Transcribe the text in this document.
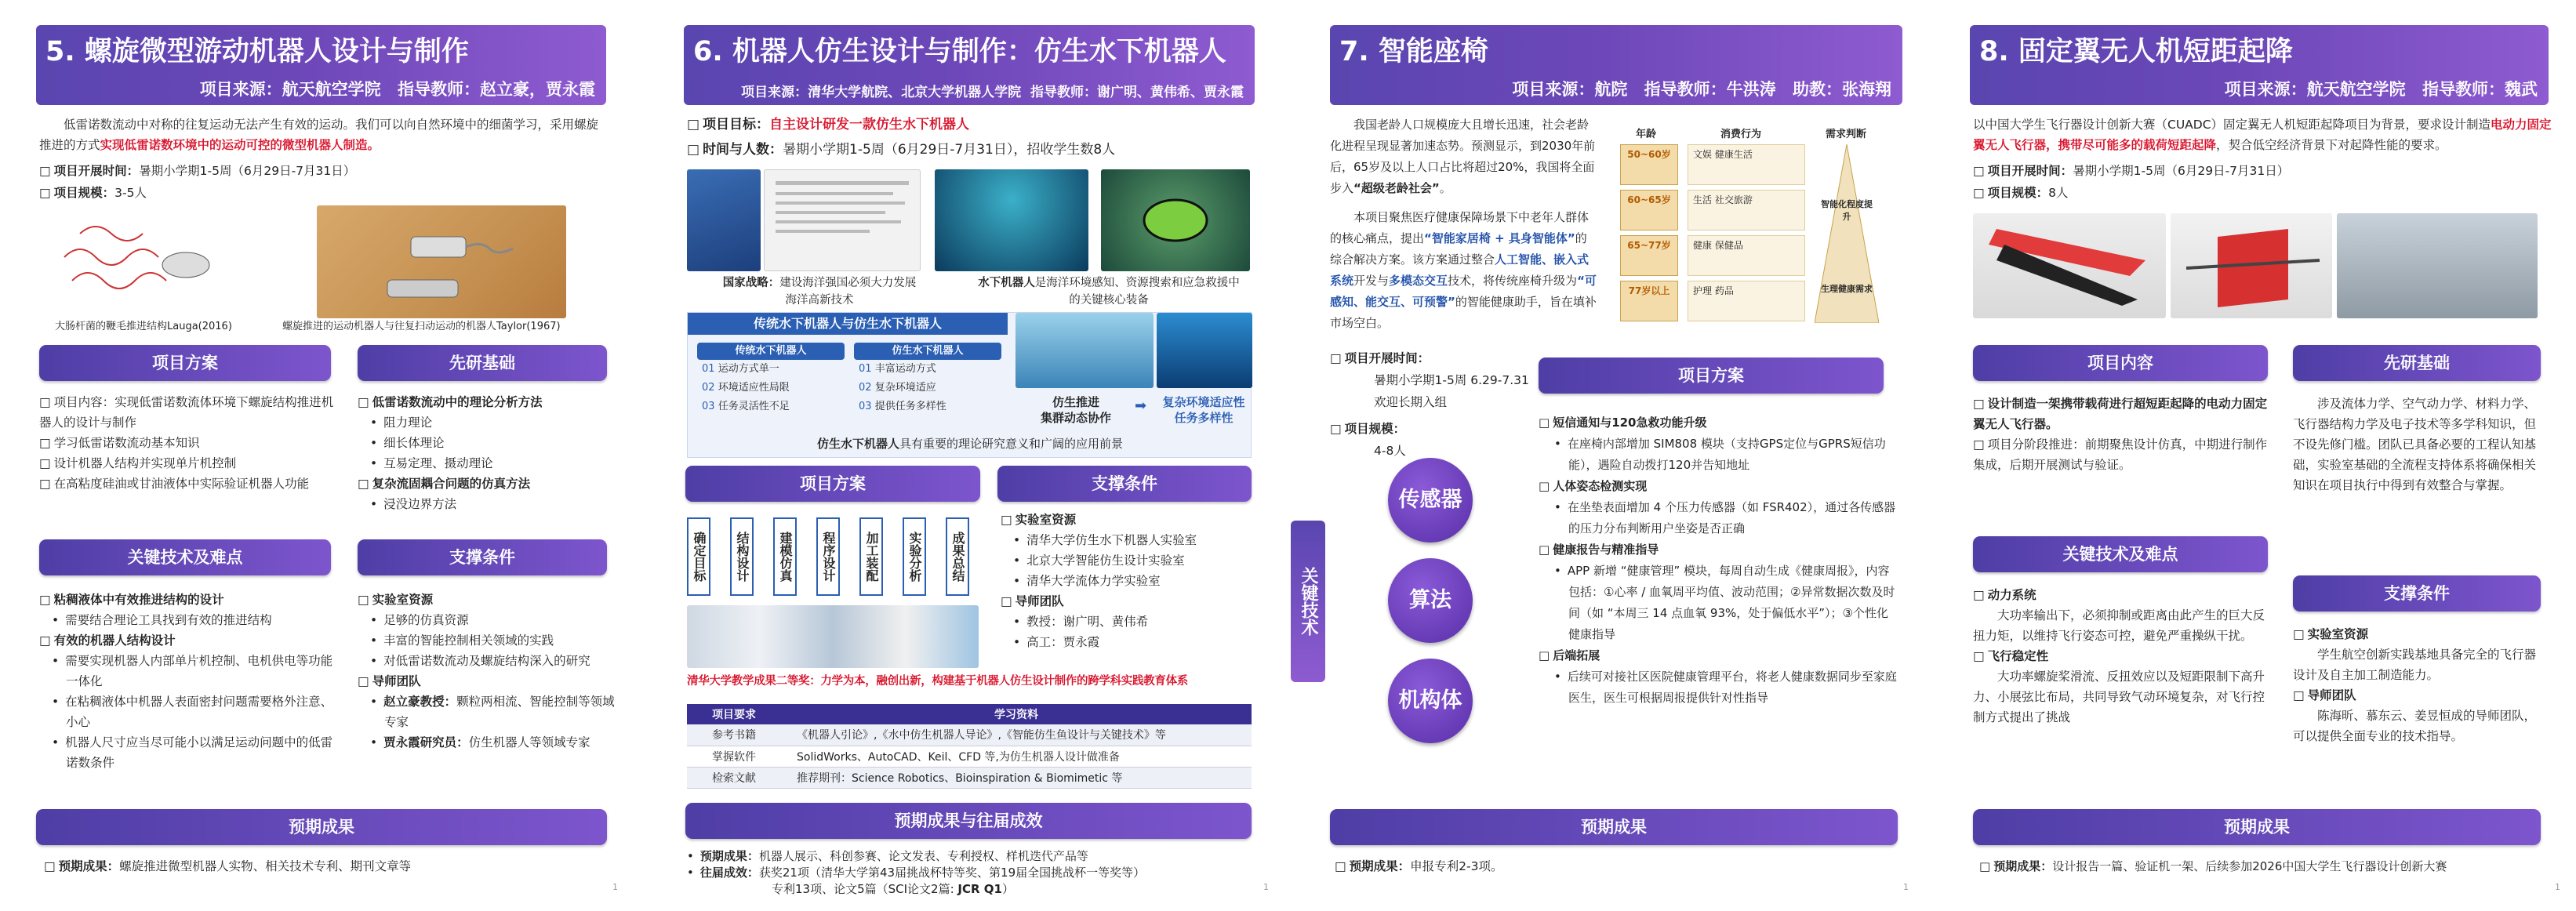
5. 螺旋微型游动机器人设计与制作
项目来源：航天航空学院 指导教师：赵立豪，贾永霞
低雷诺数流动中对称的往复运动无法产生有效的运动。我们可以向自然环境中的细菌学习，采用螺旋推进的方式实现低雷诺数环境中的运动可控的微型机器人制造。
□ 项目开展时间：暑期小学期1-5周（6月29日-7月31日）
□ 项目规模：3-5人
大肠杆菌的鞭毛推进结构Lauga(2016)	螺旋推进的运动机器人与往复扫动运动的机器人Taylor(1967)
项目方案	先研基础
□ 项目内容：实现低雷诺数流体环境下螺旋结构推进机器人的设计与制作
□ 学习低雷诺数流动基本知识
□ 设计机器人结构并实现单片机控制
□ 在高粘度硅油或甘油液体中实际验证机器人功能

□ 低雷诺数流动中的理论分析方法

• 阻力理论
• 细长体理论
• 互易定理、摄动理论

□ 复杂流固耦合问题的仿真方法

• 浸没边界方法
关键技术及难点	支撑条件

□ 粘稠液体中有效推进结构的设计

• 需要结合理论工具找到有效的推进结构

□ 有效的机器人结构设计

• 需要实现机器人内部单片机控制、电机供电等功能一体化
• 在粘稠液体中机器人表面密封问题需要格外注意、小心
• 机器人尺寸应当尽可能小以满足运动问题中的低雷诺数条件

□ 实验室资源

• 足够的仿真资源
• 丰富的智能控制相关领域的实践
• 对低雷诺数流动及螺旋结构深入的研究

□ 导师团队

• 赵立豪教授：颗粒两相流、智能控制等领域专家
• 贾永霞研究员：仿生机器人等领域专家
预期成果
□ 预期成果：螺旋推进微型机器人实物、相关技术专利、期刊文章等
1
6. 机器人仿生设计与制作：仿生水下机器人
项目来源：清华大学航院、北京大学机器人学院 指导教师：谢广明、黄伟希、贾永霞
□ 项目目标：自主设计研发一款仿生水下机器人
□ 时间与人数：暑期小学期1-5周（6月29日-7月31日），招收学生数8人
国家战略：建设海洋强国必须大力发展海洋高新技术
水下机器人是海洋环境感知、资源搜索和应急救援中的关键核心装备
传统水下机器人与仿生水下机器人
传统水下机器人
01 运动方式单一
02 环境适应性局限
03 任务灵活性不足
仿生水下机器人
01 丰富运动方式
02 复杂环境适应
03 提供任务多样性	仿生推进
集群动态协作
➡	复杂环境适应性
任务多样性
仿生水下机器人具有重要的理论研究意义和广阔的应用前景
项目方案	支撑条件
确定目标	结构设计	建模仿真	程序设计	加工装配	实验分析	成果总结

□ 实验室资源

• 清华大学仿生水下机器人实验室
• 北京大学智能仿生设计实验室
• 清华大学流体力学实验室

□ 导师团队

• 教授：谢广明、黄伟希
• 高工：贾永霞
清华大学教学成果二等奖：力学为本，融创出新，构建基于机器人仿生设计制作的跨学科实践教育体系
项目要求	学习资料
参考书籍	《机器人引论》,《水中仿生机器人导论》,《智能仿生鱼设计与关键技术》等
掌握软件	SolidWorks、AutoCAD、Keil、CFD 等,为仿生机器人设计做准备
检索文献	推荐期刊：Science Robotics、Bioinspiration & Biomimetic 等
预期成果与往届成效

• 预期成果：机器人展示、科创参赛、论文发表、专利授权、样机迭代产品等

• 往届成效：获奖21项（清华大学第43届挑战杯特等奖、第19届全国挑战杯一等奖等）

专利13项、论文5篇（SCI论文2篇: JCR Q1）	1
7. 智能座椅
项目来源：航院 指导教师：牛洪涛 助教：张海翔
我国老龄人口规模庞大且增长迅速，社会老龄化进程呈现显著加速态势。预测显示，到2030年前后，65岁及以上人口占比将超过20%，我国将全面步入“超级老龄社会”。
本项目聚焦医疗健康保障场景下中老年人群体的核心痛点，提出“智能家居椅 + 具身智能体”的综合解决方案。该方案通过整合人工智能、嵌入式系统开发与多模态交互技术，将传统座椅升级为“可感知、能交互、可预警”的智能健康助手，旨在填补市场空白。
年龄	消费行为	需求判断
50~60岁	文娱 健康生活
60~65岁	生活 社交旅游
65~77岁	健康 保健品
77岁以上	护理 药品
智能化程度提升
生理健康需求
□ 项目开展时间：
暑期小学期1-5周 6.29-7.31
欢迎长期入组
□ 项目规模：
4-8人
项目方案
关键技术
传感器
算法
机构体

□ 短信通知与120急救功能升级

• 在座椅内部增加 SIM808 模块（支持GPS定位与GPRS短信功能），遇险自动拨打120并告知地址

□ 人体姿态检测实现

• 在坐垫表面增加 4 个压力传感器（如 FSR402），通过各传感器的压力分布判断用户坐姿是否正确

□ 健康报告与精准指导

• APP 新增 “健康管理” 模块，每周自动生成《健康周报》，内容包括：①心率 / 血氧周平均值、波动范围；②异常数据次数及时间（如 “本周三 14 点血氧 93%，处于偏低水平”）；③个性化健康指导

□ 后端拓展

• 后续可对接社区医院健康管理平台，将老人健康数据同步至家庭医生，医生可根据周报提供针对性指导
预期成果
□ 预期成果：申报专利2-3项。
1
8. 固定翼无人机短距起降
项目来源：航天航空学院 指导教师：魏武
以中国大学生飞行器设计创新大赛（CUADC）固定翼无人机短距起降项目为背景，要求设计制造电动力固定翼无人飞行器，携带尽可能多的载荷短距起降，契合低空经济背景下对起降性能的要求。
□ 项目开展时间：暑期小学期1-5周（6月29日-7月31日）
□ 项目规模：8人
项目内容	先研基础
□ 设计制造一架携带载荷进行超短距起降的电动力固定翼无人飞行器。
□ 项目分阶段推进：前期聚焦设计仿真，中期进行制作集成，后期开展测试与验证。
涉及流体力学、空气动力学、材料力学、飞行器结构力学及电子技术等多学科知识，但不设先修门槛。团队已具备必要的工程认知基础，实验室基础的全流程支持体系将确保相关知识在项目执行中得到有效整合与掌握。
关键技术及难点
支撑条件

□ 动力系统

大功率输出下，必须抑制或距离由此产生的巨大反扭力矩，以维持飞行姿态可控，避免严重操纵干扰。

□ 飞行稳定性

大功率螺旋桨滑流、反扭效应以及短距限制下高升力、小展弦比布局，共同导致气动环境复杂，对飞行控制方式提出了挑战

□ 实验室资源

学生航空创新实践基地具备完全的飞行器设计及自主加工制造能力。

□ 导师团队

陈海昕、慕东云、姜昱恒成的导师团队，可以提供全面专业的技术指导。

预期成果
□ 预期成果：设计报告一篇、验证机一架、后续参加2026中国大学生飞行器设计创新大赛
1
